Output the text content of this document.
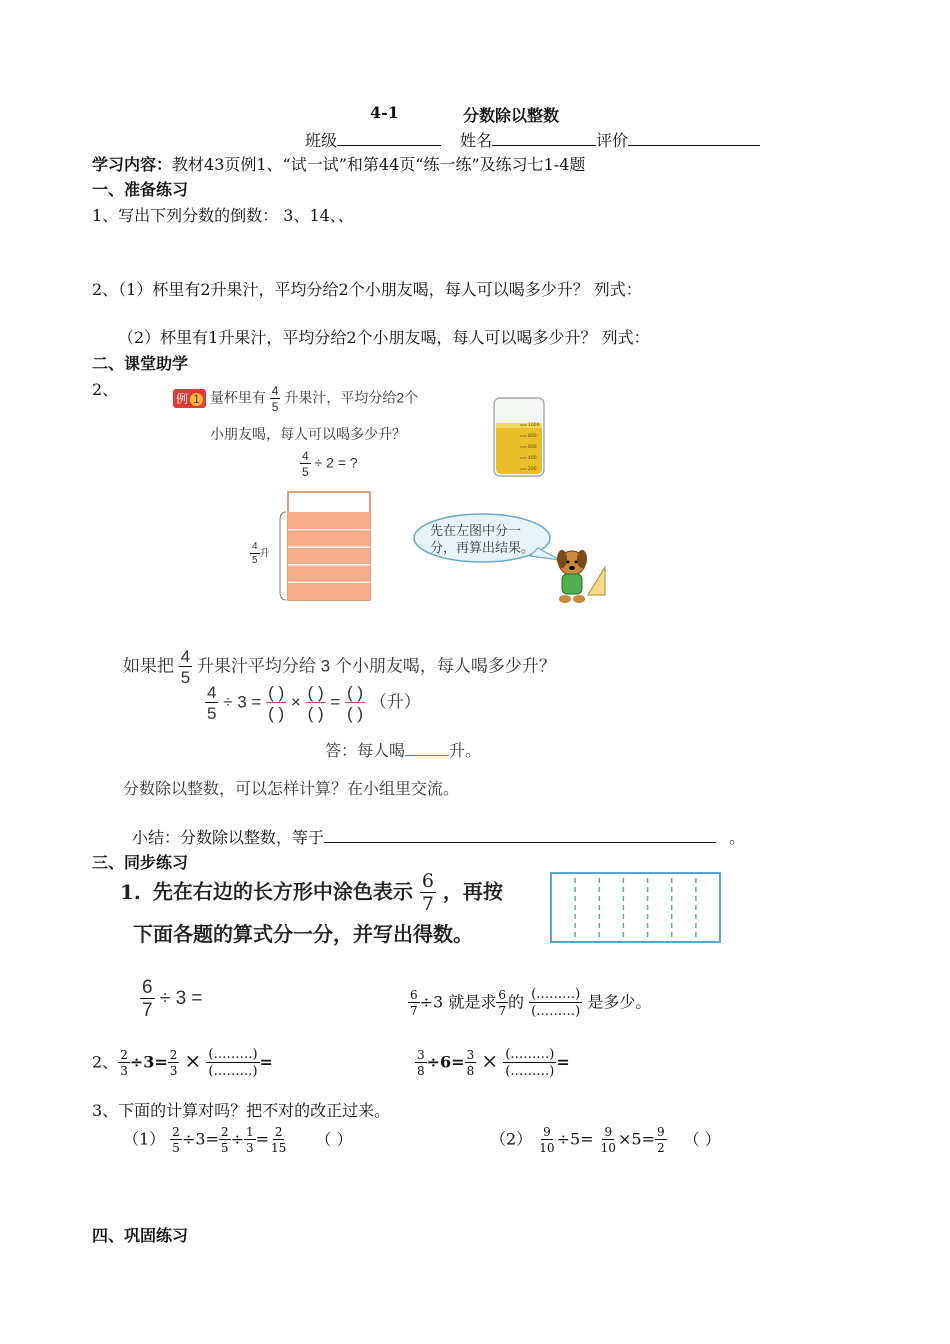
4-1	分数除以整数
班级	姓名	评价
学习内容：教材43页例1、“试一试”和第44页“练一练”及练习七1-4题
一、准备练习
1、写出下列分数的倒数： 3、14、、
2、（1）杯里有2升果汁，平均分给2个小朋友喝，每人可以喝多少升？ 列式：
（2）杯里有1升果汁，平均分给2个小朋友喝，每人可以喝多少升？ 列式：
二、课堂助学
2、	例 1 量杯里有 $\frac{4}{5}$ 升果汁，平均分给2个
小朋友喝，每人可以喝多少升？
$\frac{4}{5} \div 2$ = ?
1000
800
600
400
200
$\frac{4}{5}$ 升
先在左图中分一
分，再算出结果。
如果把 $\frac{4}{5}$ 升果汁平均分给 3 个小朋友喝，每人喝多少升？
$\frac{4}{5} \div 3 = \frac{( )}{( )} \times \frac{( )}{( )} = \frac{( )}{( )}$ （升）
答：每人喝	升。
分数除以整数，可以怎样计算？在小组里交流。
小结：分数除以整数，等于	。
三、同步练习
1. 先在右边的长方形中涂色表示 $\frac{6}{7}$ ，再按
下面各题的算式分一分，并写出得数。
$\frac{6}{7} \div 3$ =	$\frac{6}{7} \div 3$ 就是求 $\frac{6}{7}$ 的 $\frac{(\dots\dots\dots)}{(\dots\dots\dots)}$ 是多少。
2、 $\frac{2}{3} \div 3= \frac{2}{3} \times \frac{(\dots\dots\dots)}{(\dots\dots\dots)}$ =	$\frac{3}{8} \div 6= \frac{3}{8} \times \frac{(\dots\dots\dots)}{(\dots\dots\dots)}$ =
3、下面的计算对吗？把不对的改正过来。
$(1) \frac{2}{5} \div 3= \frac{2}{5} \div \frac{1}{3} = \frac{2}{15}$ （ ）	$(2) \frac{9}{10} \div 5= \frac{9}{10} \times 5= \frac{9}{2}$ （ ）
四、巩固练习
